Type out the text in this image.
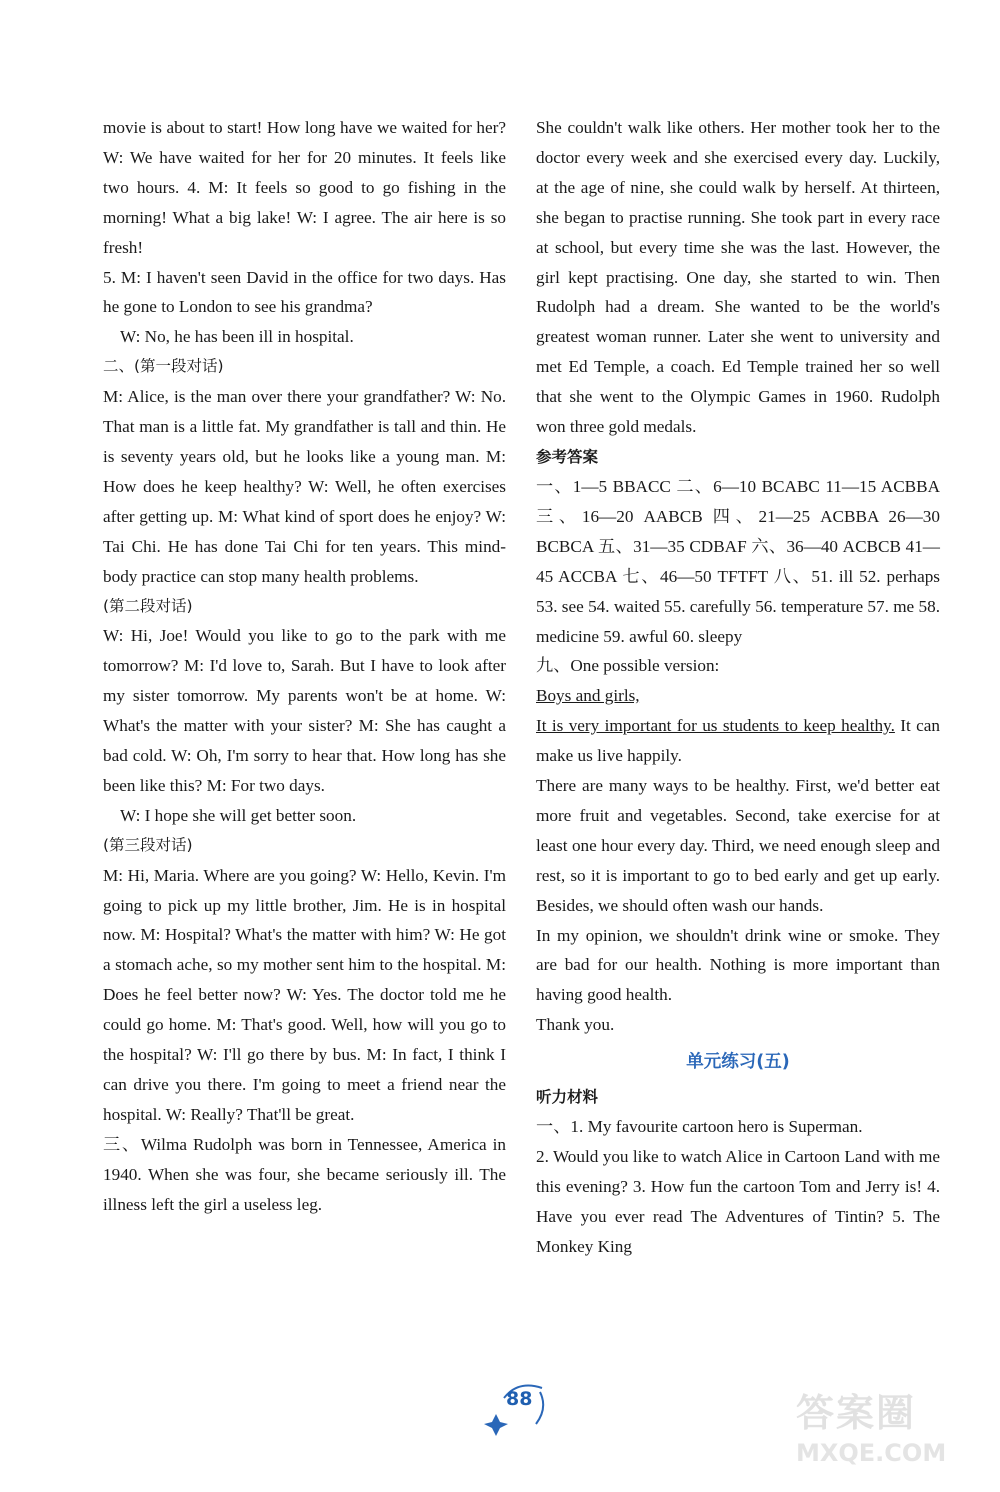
movie is about to start! How long have we waited for her? W: We have waited for her for 20 minutes. It feels like two hours. 4. M: It feels so good to go fishing in the morning! What a big lake! W: I agree. The air here is so fresh!

5. M: I haven't seen David in the office for two days. Has he gone to London to see his grandma?

W: No, he has been ill in hospital.

二、(第一段对话)

M: Alice, is the man over there your grandfather? W: No. That man is a little fat. My grandfather is tall and thin. He is seventy years old, but he looks like a young man. M: How does he keep healthy? W: Well, he often exercises after getting up. M: What kind of sport does he enjoy? W: Tai Chi. He has done Tai Chi for ten years. This mind-body practice can stop many health problems.

(第二段对话)

W: Hi, Joe! Would you like to go to the park with me tomorrow? M: I'd love to, Sarah. But I have to look after my sister tomorrow. My parents won't be at home. W: What's the matter with your sister? M: She has caught a bad cold. W: Oh, I'm sorry to hear that. How long has she been like this? M: For two days.

W: I hope she will get better soon.

(第三段对话)

M: Hi, Maria. Where are you going? W: Hello, Kevin. I'm going to pick up my little brother, Jim. He is in hospital now. M: Hospital? What's the matter with him? W: He got a stomach ache, so my mother sent him to the hospital. M: Does he feel better now? W: Yes. The doctor told me he could go home. M: That's good. Well, how will you go to the hospital? W: I'll go there by bus. M: In fact, I think I can drive you there. I'm going to meet a friend near the hospital. W: Really? That'll be great.

三、Wilma Rudolph was born in Tennessee, America in 1940. When she was four, she became seriously ill. The illness left the girl a useless leg.

She couldn't walk like others. Her mother took her to the doctor every week and she exercised every day. Luckily, at the age of nine, she could walk by herself. At thirteen, she began to practise running. She took part in every race at school, but every time she was the last. However, the girl kept practising. One day, she started to win. Then Rudolph had a dream. She wanted to be the world's greatest woman runner. Later she went to university and met Ed Temple, a coach. Ed Temple trained her so well that she went to the Olympic Games in 1960. Rudolph won three gold medals.

参考答案

一、1—5 BBACC 二、6—10 BCABC 11—15 ACBBA 三、16—20 AABCB 四、21—25 ACBBA 26—30 BCBCA 五、31—35 CDBAF 六、36—40 ACBCB 41—45 ACCBA 七、46—50 TFTFT 八、51. ill 52. perhaps 53. see 54. waited 55. carefully 56. temperature 57. me 58. medicine 59. awful 60. sleepy

九、One possible version:

Boys and girls,

It is very important for us students to keep healthy. It can make us live happily.

There are many ways to be healthy. First, we'd better eat more fruit and vegetables. Second, take exercise for at least one hour every day. Third, we need enough sleep and rest, so it is important to go to bed early and get up early. Besides, we should often wash our hands.

In my opinion, we shouldn't drink wine or smoke. They are bad for our health. Nothing is more important than having good health.

Thank you.

单元练习(五)
听力材料

一、1. My favourite cartoon hero is Superman.

2. Would you like to watch Alice in Cartoon Land with me this evening? 3. How fun the cartoon Tom and Jerry is! 4. Have you ever read The Adventures of Tintin? 5. The Monkey King

88	答案圈
MXQE.COM
